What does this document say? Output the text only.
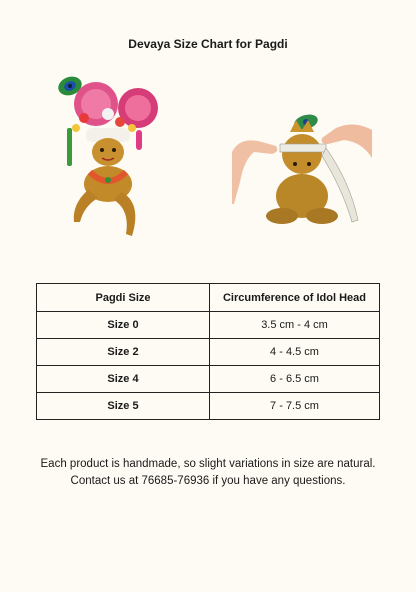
Devaya Size Chart for Pagdi
Pagdi Size	Circumference of Idol Head
Size 0	3.5 cm - 4 cm
Size 2	4 - 4.5 cm
Size 4	6 - 6.5 cm
Size 5	7 - 7.5 cm
Each product is handmade, so slight variations in size are natural.
Contact us at 76685-76936 if you have any questions.
